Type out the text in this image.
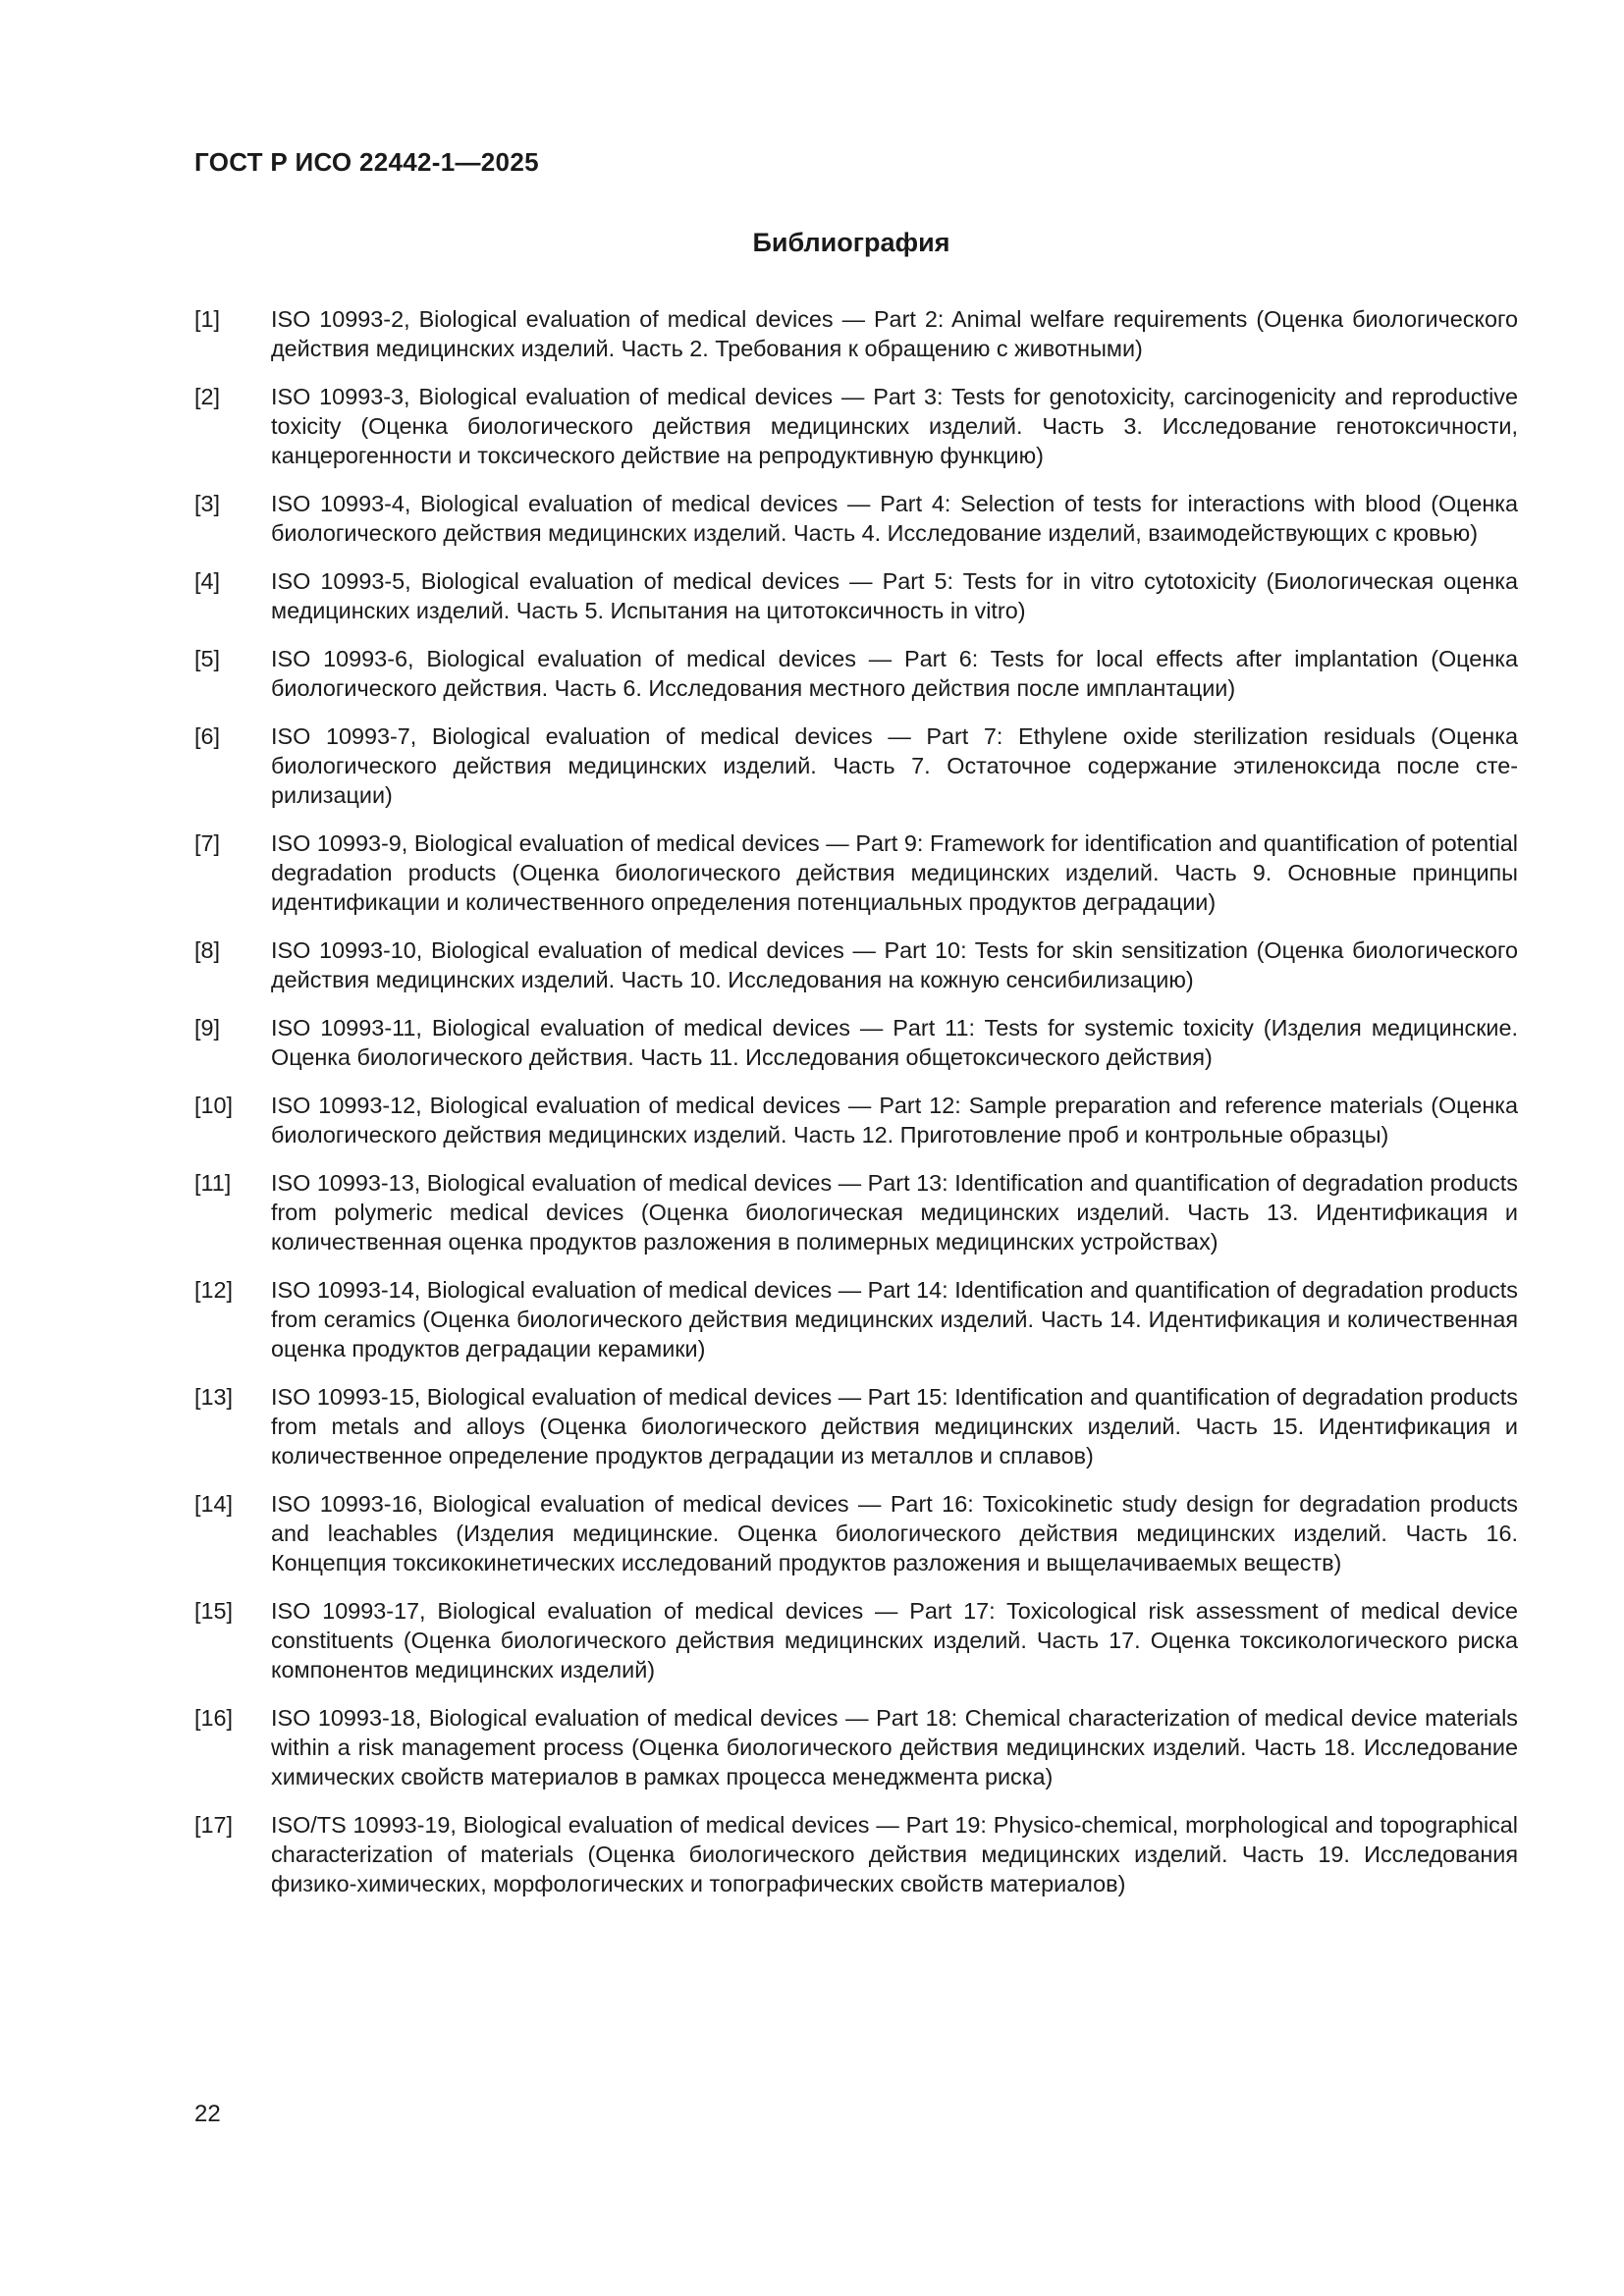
ГОСТ Р ИСО 22442-1—2025
Библиография
[1]	ISO 10993-2, Biological evaluation of medical devices — Part 2: Animal welfare requirements (Оценка биологического действия медицинских изделий. Часть 2. Требования к обращению с животными)
[2]	ISO 10993-3, Biological evaluation of medical devices — Part 3: Tests for genotoxicity, carcinogenicity and reproductive toxicity (Оценка биологического действия медицинских изделий. Часть 3. Исследование генотоксичности, канцерогенности и токсического действие на репродуктивную функцию)
[3]	ISO 10993-4, Biological evaluation of medical devices — Part 4: Selection of tests for interactions with blood (Оценка биологического действия медицинских изделий. Часть 4. Исследование изделий, взаимодействующих с кровью)
[4]	ISO 10993-5, Biological evaluation of medical devices — Part 5: Tests for in vitro cytotoxicity (Биологическая оценка медицинских изделий. Часть 5. Испытания на цитотоксичность in vitro)
[5]	ISO 10993-6, Biological evaluation of medical devices — Part 6: Tests for local effects after implantation (Оценка биологического действия. Часть 6. Исследования местного действия после имплантации)
[6]	ISO 10993-7, Biological evaluation of medical devices — Part 7: Ethylene oxide sterilization residuals (Оценка биологического действия медицинских изделий. Часть 7. Остаточное содержание этиленоксида после стерилизации)
[7]	ISO 10993-9, Biological evaluation of medical devices — Part 9: Framework for identification and quantification of potential degradation products (Оценка биологического действия медицинских изделий. Часть 9. Основные принципы идентификации и количественного определения потенциальных продуктов деградации)
[8]	ISO 10993-10, Biological evaluation of medical devices — Part 10: Tests for skin sensitization (Оценка биологического действия медицинских изделий. Часть 10. Исследования на кожную сенсибилизацию)
[9]	ISO 10993-11, Biological evaluation of medical devices — Part 11: Tests for systemic toxicity (Изделия медицинские. Оценка биологического действия. Часть 11. Исследования общетоксического действия)
[10]	ISO 10993-12, Biological evaluation of medical devices — Part 12: Sample preparation and reference materials (Оценка биологического действия медицинских изделий. Часть 12. Приготовление проб и контрольные образцы)
[11]	ISO 10993-13, Biological evaluation of medical devices — Part 13: Identification and quantification of degradation products from polymeric medical devices (Оценка биологическая медицинских изделий. Часть 13. Идентификация и количественная оценка продуктов разложения в полимерных медицинских устройствах)
[12]	ISO 10993-14, Biological evaluation of medical devices — Part 14: Identification and quantification of degradation products from ceramics (Оценка биологического действия медицинских изделий. Часть 14. Идентификация и количественная оценка продуктов деградации керамики)
[13]	ISO 10993-15, Biological evaluation of medical devices — Part 15: Identification and quantification of degradation products from metals and alloys (Оценка биологического действия медицинских изделий. Часть 15. Идентификация и количественное определение продуктов деградации из металлов и сплавов)
[14]	ISO 10993-16, Biological evaluation of medical devices — Part 16: Toxicokinetic study design for degradation products and leachables (Изделия медицинские. Оценка биологического действия медицинских изделий. Часть 16. Концепция токсикокинетических исследований продуктов разложения и выщелачиваемых веществ)
[15]	ISO 10993-17, Biological evaluation of medical devices — Part 17: Toxicological risk assessment of medical device constituents (Оценка биологического действия медицинских изделий. Часть 17. Оценка токсикологического риска компонентов медицинских изделий)
[16]	ISO 10993-18, Biological evaluation of medical devices — Part 18: Chemical characterization of medical device materials within a risk management process (Оценка биологического действия медицинских изделий. Часть 18. Исследование химических свойств материалов в рамках процесса менеджмента риска)
[17]	ISO/TS 10993-19, Biological evaluation of medical devices — Part 19: Physico-chemical, morphological and topographical characterization of materials (Оценка биологического действия медицинских изделий. Часть 19. Исследования физико-химических, морфологических и топографических свойств материалов)
22
